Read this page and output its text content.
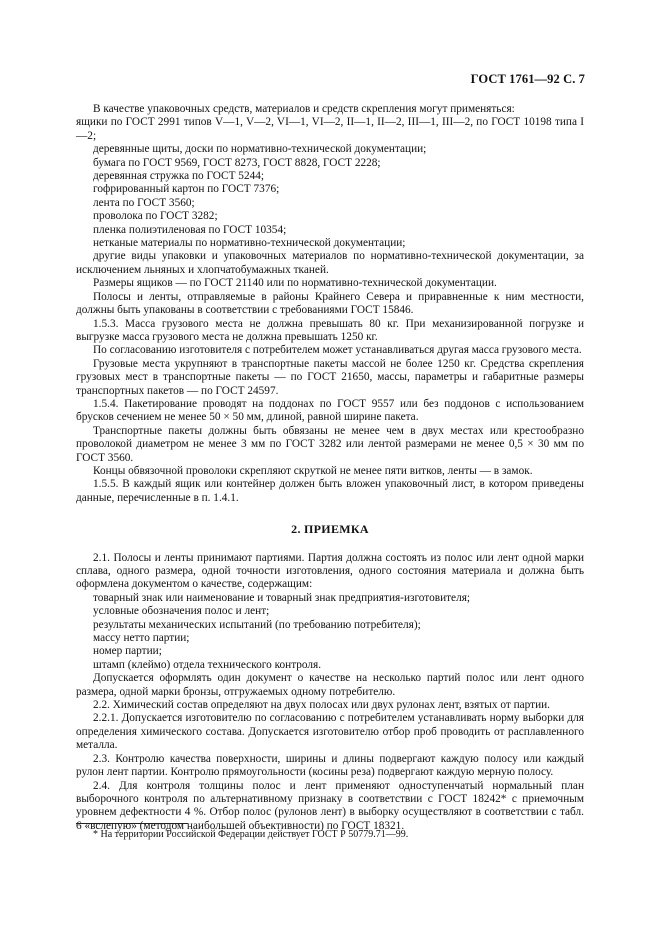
ГОСТ 1761—92 С. 7

В качестве упаковочных средств, материалов и средств скрепления могут применяться:

ящики по ГОСТ 2991 типов V—1, V—2, VI—1, VI—2, II—1, II—2, III—1, III—2, по ГОСТ 10198 типа I—2;

деревянные щиты, доски по нормативно-технической документации;

бумага по ГОСТ 9569, ГОСТ 8273, ГОСТ 8828, ГОСТ 2228;

деревянная стружка по ГОСТ 5244;

гофрированный картон по ГОСТ 7376;

лента по ГОСТ 3560;

проволока по ГОСТ 3282;

пленка полиэтиленовая по ГОСТ 10354;

нетканые материалы по нормативно-технической документации;

другие виды упаковки и упаковочных материалов по нормативно-технической документации, за исключением льняных и хлопчатобумажных тканей.

Размеры ящиков — по ГОСТ 21140 или по нормативно-технической документации.

Полосы и ленты, отправляемые в районы Крайнего Севера и приравненные к ним местности, должны быть упакованы в соответствии с требованиями ГОСТ 15846.

1.5.3. Масса грузового места не должна превышать 80 кг. При механизированной погрузке и выгрузке масса грузового места не должна превышать 1250 кг.

По согласованию изготовителя с потребителем может устанавливаться другая масса грузового места.

Грузовые места укрупняют в транспортные пакеты массой не более 1250 кг. Средства скрепления грузовых мест в транспортные пакеты — по ГОСТ 21650, массы, параметры и габаритные размеры транспортных пакетов — по ГОСТ 24597.

1.5.4. Пакетирование проводят на поддонах по ГОСТ 9557 или без поддонов с использованием брусков сечением не менее 50 × 50 мм, длиной, равной ширине пакета.

Транспортные пакеты должны быть обвязаны не менее чем в двух местах или крестообразно проволокой диаметром не менее 3 мм по ГОСТ 3282 или лентой размерами не менее 0,5 × 30 мм по ГОСТ 3560.

Концы обвязочной проволоки скрепляют скруткой не менее пяти витков, ленты — в замок.

1.5.5. В каждый ящик или контейнер должен быть вложен упаковочный лист, в котором приведены данные, перечисленные в п. 1.4.1.

2. ПРИЕМКА

2.1. Полосы и ленты принимают партиями. Партия должна состоять из полос или лент одной марки сплава, одного размера, одной точности изготовления, одного состояния материала и должна быть оформлена документом о качестве, содержащим:

товарный знак или наименование и товарный знак предприятия-изготовителя;

условные обозначения полос и лент;

результаты механических испытаний (по требованию потребителя);

массу нетто партии;

номер партии;

штамп (клеймо) отдела технического контроля.

Допускается оформлять один документ о качестве на несколько партий полос или лент одного размера, одной марки бронзы, отгружаемых одному потребителю.

2.2. Химический состав определяют на двух полосах или двух рулонах лент, взятых от партии.

2.2.1. Допускается изготовителю по согласованию с потребителем устанавливать норму выборки для определения химического состава. Допускается изготовителю отбор проб проводить от расплавленного металла.

2.3. Контролю качества поверхности, ширины и длины подвергают каждую полосу или каждый рулон лент партии. Контролю прямоугольности (косины реза) подвергают каждую мерную полосу.

2.4. Для контроля толщины полос и лент применяют одноступенчатый нормальный план выборочного контроля по альтернативному признаку в соответствии с ГОСТ 18242* с приемочным уровнем дефектности 4 %. Отбор полос (рулонов лент) в выборку осуществляют в соответствии с табл. 6 «вслепую» (методом наибольшей объективности) по ГОСТ 18321.

* На территории Российской Федерации действует ГОСТ Р 50779.71—99.
